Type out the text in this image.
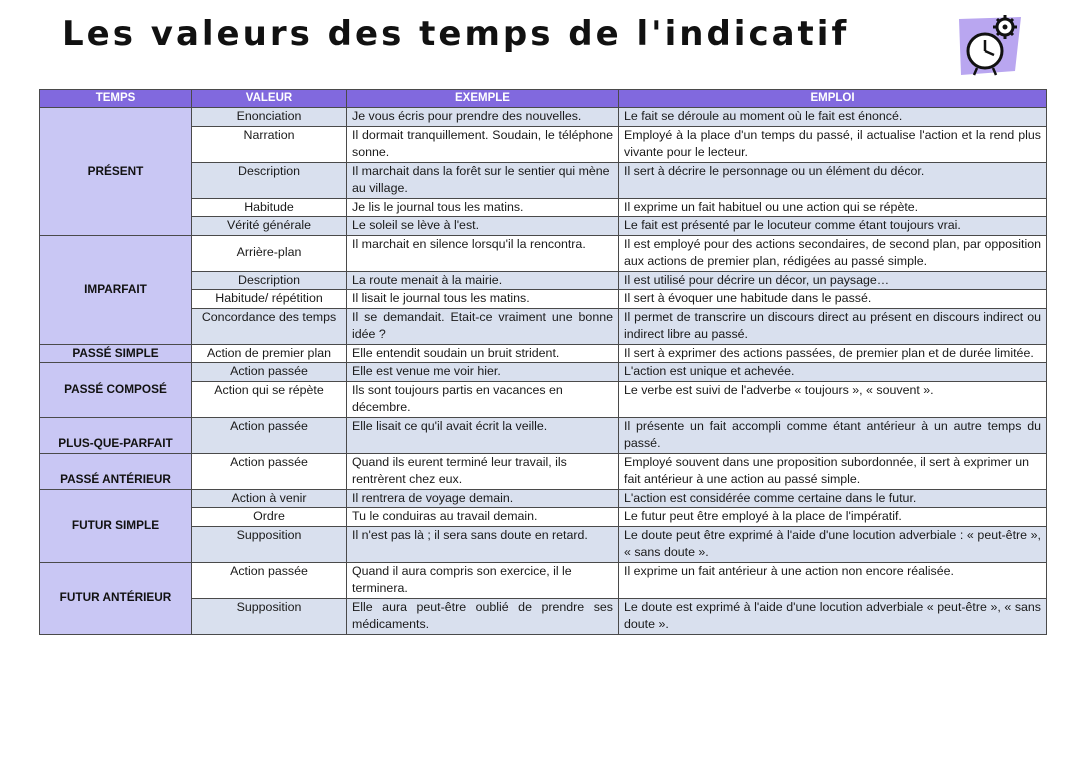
Les valeurs des temps de l'indicatif
TEMPS	VALEUR	EXEMPLE	EMPLOI
PRÉSENT	Enonciation	Je vous écris pour prendre des nouvelles.	Le fait se déroule au moment où le fait est énoncé.
	Narration	Il dormait tranquillement. Soudain, le téléphone sonne.	Employé à la place d'un temps du passé, il actualise l'action et la rend plus vivante pour le lecteur.
	Description	Il marchait dans la forêt sur le sentier qui mène au village.	Il sert à décrire le personnage ou un élément du décor.
	Habitude	Je lis le journal tous les matins.	Il exprime un fait habituel ou une action qui se répète.
	Vérité générale	Le soleil se lève à l'est.	Le fait est présenté par le locuteur comme étant toujours vrai.
IMPARFAIT	Arrière-plan	Il marchait en silence lorsqu'il la rencontra.	Il est employé pour des actions secondaires, de second plan, par opposition aux actions de premier plan, rédigées au passé simple.
	Description	La route menait à la mairie.	Il est utilisé pour décrire un décor, un paysage…
	Habitude/ répétition	Il lisait le journal tous les matins.	Il sert à évoquer une habitude dans le passé.
	Concordance des temps	Il se demandait. Etait-ce vraiment une bonne idée ?	Il permet de transcrire un discours direct au présent en discours indirect ou indirect libre au passé.
PASSÉ SIMPLE	Action de premier plan	Elle entendit soudain un bruit strident.	Il sert à exprimer des actions passées, de premier plan et de durée limitée.
PASSÉ COMPOSÉ	Action passée	Elle est venue me voir hier.	L'action est unique et achevée.
	Action qui se répète	Ils sont toujours partis en vacances en décembre.	Le verbe est suivi de l'adverbe « toujours », « souvent ».
PLUS-QUE-PARFAIT	Action passée	Elle lisait ce qu'il avait écrit la veille.	Il présente un fait accompli comme étant antérieur à un autre temps du passé.
PASSÉ ANTÉRIEUR	Action passée	Quand ils eurent terminé leur travail, ils rentrèrent chez eux.	Employé souvent dans une proposition subordonnée, il sert à exprimer un fait antérieur à une action au passé simple.
FUTUR SIMPLE	Action à venir	Il rentrera de voyage demain.	L'action est considérée comme certaine dans le futur.
	Ordre	Tu le conduiras au travail demain.	Le futur peut être employé à la place de l'impératif.
	Supposition	Il n'est pas là ; il sera sans doute en retard.	Le doute peut être exprimé à l'aide d'une locution adverbiale : « peut-être », « sans doute ».
FUTUR ANTÉRIEUR	Action passée	Quand il aura compris son exercice, il le terminera.	Il exprime un fait antérieur à une action non encore réalisée.
	Supposition	Elle aura peut-être oublié de prendre ses médicaments.	Le doute est exprimé à l'aide d'une locution adverbiale « peut-être », « sans doute ».
